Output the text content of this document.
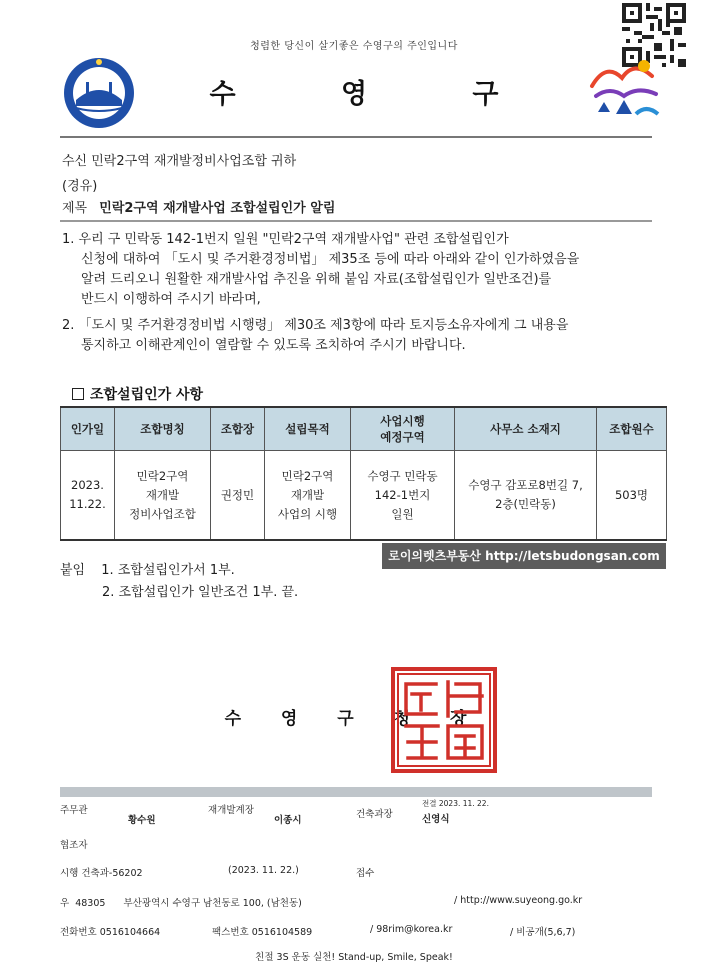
청렴한 당신이 살기좋은 수영구의 주인입니다
수 영 구
수신 민락2구역 재개발정비사업조합 귀하
(경유)
제목 민락2구역 재개발사업 조합설립인가 알림
1. 우리 구 민락동 142-1번지 일원 "민락2구역 재개발사업" 관련 조합설립인가
신청에 대하여 「도시 및 주거환경정비법」 제35조 등에 따라 아래와 같이 인가하였음을
알려 드리오니 원활한 재개발사업 추진을 위해 붙임 자료(조합설립인가 일반조건)를
반드시 이행하여 주시기 바라며,
2. 「도시 및 주거환경정비법 시행령」 제30조 제3항에 따라 토지등소유자에게 그 내용을
통지하고 이해관계인이 열람할 수 있도록 조치하여 주시기 바랍니다.
조합설립인가 사항
인가일	조합명칭	조합장	설립목적	사업시행
예정구역	사무소 소재지	조합원수
2023.
11.22.	민락2구역
재개발
정비사업조합	권정민	민락2구역
재개발
사업의 시행	수영구 민락동
142-1번지
일원	수영구 감포로8번길 7,
2층(민락동)	503명
로이의렛츠부동산 http://letsbudongsan.com
붙임 1. 조합설립인가서 1부.
2. 조합설립인가 일반조건 1부. 끝.
수 영 구 청 장
주무관
황수원
재개발계장
이종시
건축과장
전결 2023. 11. 22.
신영식
협조자
시행 건축과-56202	(2023. 11. 22.)	접수
우  48305      부산광역시 수영구 남천동로 100, (남천동)	/ http://www.suyeong.go.kr
전화번호 0516104664	팩스번호 0516104589	/ 98rim@korea.kr	/ 비공개(5,6,7)
친절 3S 운동 실천! Stand-up, Smile, Speak!
